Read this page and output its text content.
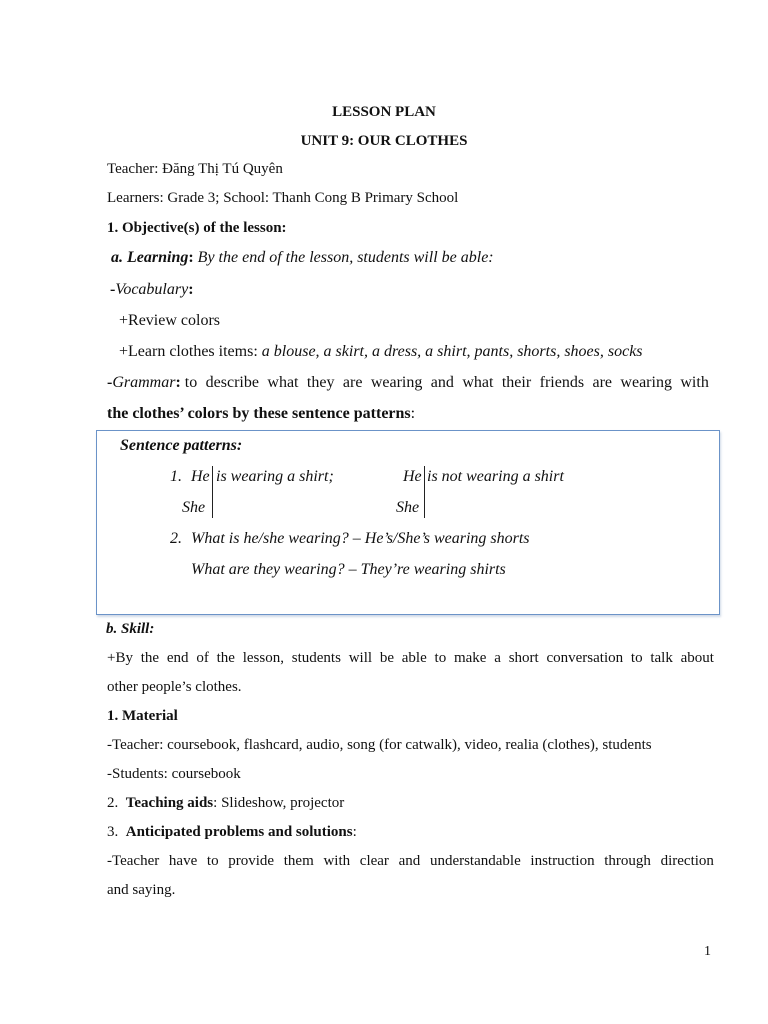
LESSON PLAN
UNIT 9: OUR CLOTHES
Teacher: Đăng Thị Tú Quyên
Learners: Grade 3; School: Thanh Cong B Primary School
1. Objective(s) of the lesson:
a. Learning: By the end of the lesson, students will be able:
-Vocabulary:
+Review colors
+Learn clothes items: a blouse, a skirt, a dress, a shirt, pants, shorts, shoes, socks
-Grammar: to describe what they are wearing and what their friends are wearing with
the clothes’ colors by these sentence patterns:
Sentence patterns:
1. He is wearing a shirt;	He is not wearing a shirt
She	She
2. What is he/she wearing? – He’s/She’s wearing shorts
What are they wearing? – They’re wearing shirts
b. Skill:
+By the end of the lesson, students will be able to make a short conversation to talk about
other people’s clothes.
1. Material
-Teacher: coursebook, flashcard, audio, song (for catwalk), video, realia (clothes), students
-Students: coursebook
2. Teaching aids: Slideshow, projector
3. Anticipated problems and solutions:
-Teacher have to provide them with clear and understandable instruction through direction
and saying.
1
